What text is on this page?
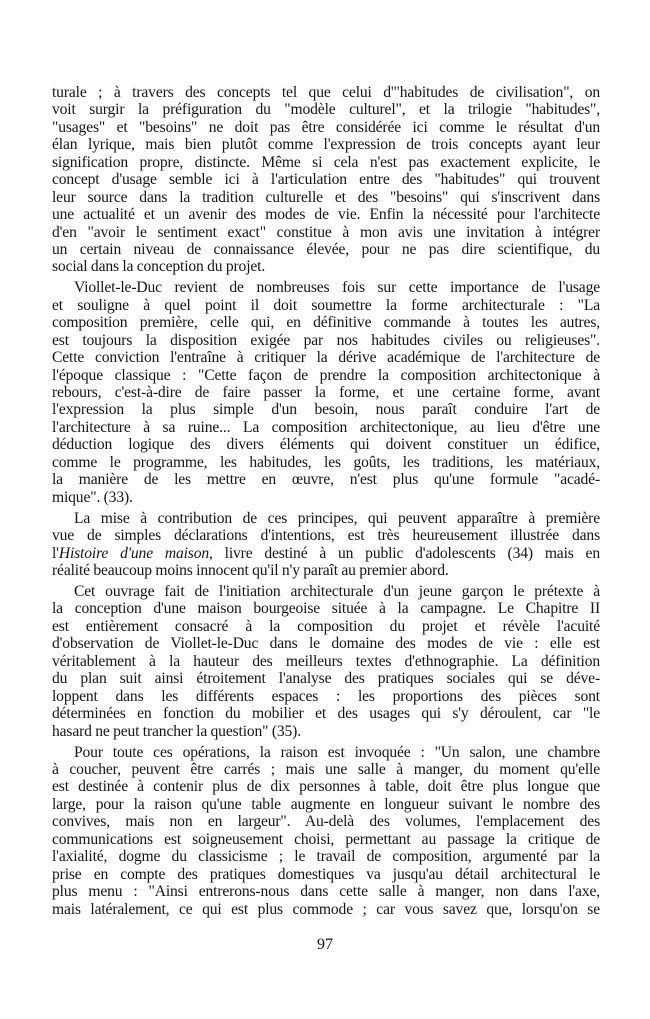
turale ; à travers des concepts tel que celui d'"habitudes de civilisation", on
voit surgir la préfiguration du "modèle culturel", et la trilogie "habitudes",
"usages" et "besoins" ne doit pas être considérée ici comme le résultat d'un
élan lyrique, mais bien plutôt comme l'expression de trois concepts ayant leur
signification propre, distincte. Même si cela n'est pas exactement explicite, le
concept d'usage semble ici à l'articulation entre des "habitudes" qui trouvent
leur source dans la tradition culturelle et des "besoins" qui s'inscrivent dans
une actualité et un avenir des modes de vie. Enfin la nécessité pour l'architecte
d'en "avoir le sentiment exact" constitue à mon avis une invitation à intégrer
un certain niveau de connaissance élevée, pour ne pas dire scientifique, du
social dans la conception du projet.

Viollet-le-Duc revient de nombreuses fois sur cette importance de l'usage
et souligne à quel point il doit soumettre la forme architecturale : "La
composition première, celle qui, en définitive commande à toutes les autres,
est toujours la disposition exigée par nos habitudes civiles ou religieuses".
Cette conviction l'entraîne à critiquer la dérive académique de l'architecture de
l'époque classique : "Cette façon de prendre la composition architectonique à
rebours, c'est-à-dire de faire passer la forme, et une certaine forme, avant
l'expression la plus simple d'un besoin, nous paraît conduire l'art de
l'architecture à sa ruine... La composition architectonique, au lieu d'être une
déduction logique des divers éléments qui doivent constituer un édifice,
comme le programme, les habitudes, les goûts, les traditions, les matériaux,
la manière de les mettre en œuvre, n'est plus qu'une formule "acadé-
mique". (33).

La mise à contribution de ces principes, qui peuvent apparaître à première
vue de simples déclarations d'intentions, est très heureusement illustrée dans
l'Histoire d'une maison, livre destiné à un public d'adolescents (34) mais en
réalité beaucoup moins innocent qu'il n'y paraît au premier abord.

Cet ouvrage fait de l'initiation architecturale d'un jeune garçon le prétexte à
la conception d'une maison bourgeoise située à la campagne. Le Chapitre II
est entièrement consacré à la composition du projet et révèle l'acuité
d'observation de Viollet-le-Duc dans le domaine des modes de vie : elle est
véritablement à la hauteur des meilleurs textes d'ethnographie. La définition
du plan suit ainsi étroitement l'analyse des pratiques sociales qui se déve-
loppent dans les différents espaces : les proportions des pièces sont
déterminées en fonction du mobilier et des usages qui s'y déroulent, car "le
hasard ne peut trancher la question" (35).

Pour toute ces opérations, la raison est invoquée : "Un salon, une chambre
à coucher, peuvent être carrés ; mais une salle à manger, du moment qu'elle
est destinée à contenir plus de dix personnes à table, doit être plus longue que
large, pour la raison qu'une table augmente en longueur suivant le nombre des
convives, mais non en largeur". Au-delà des volumes, l'emplacement des
communications est soigneusement choisi, permettant au passage la critique de
l'axialité, dogme du classicisme ; le travail de composition, argumenté par la
prise en compte des pratiques domestiques va jusqu'au détail architectural le
plus menu : "Ainsi entrerons-nous dans cette salle à manger, non dans l'axe,
mais latéralement, ce qui est plus commode ; car vous savez que, lorsqu'on se

97
